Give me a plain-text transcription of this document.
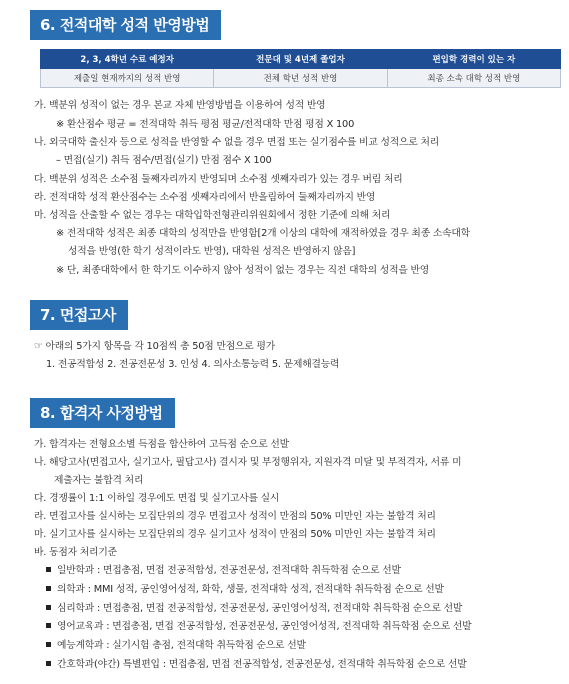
6. 전적대학 성적 반영방법
2, 3, 4학년 수료 예정자	전문대 및 4년제 졸업자	편입학 경력이 있는 자
제출일 현재까지의 성적 반영	전체 학년 성적 반영	최종 소속 대학 성적 반영
가. 백분위 성적이 없는 경우 본교 자체 반영방법을 이용하여 성적 반영
※ 환산점수 평균 = 전적대학 취득 평점 평균/전적대학 만점 평점 X 100
나. 외국대학 출신자 등으로 성적을 반영할 수 없을 경우 면접 또는 실기점수를 비교 성적으로 처리
– 면접(실기) 취득 점수/면접(실기) 만점 점수 X 100
다. 백분위 성적은 소수점 둘째자리까지 반영되며 소수점 셋째자리가 있는 경우 버림 처리
라. 전적대학 성적 환산점수는 소수점 셋째자리에서 반올림하여 둘째자리까지 반영
마. 성적을 산출할 수 없는 경우는 대학입학전형관리위원회에서 정한 기준에 의해 처리
※ 전적대학 성적은 최종 대학의 성적만을 반영함[2개 이상의 대학에 재적하였을 경우 최종 소속대학
성적을 반영(한 학기 성적이라도 반영), 대학원 성적은 반영하지 않음]
※ 단, 최종대학에서 한 학기도 이수하지 않아 성적이 없는 경우는 직전 대학의 성적을 반영
7. 면접고사
☞ 아래의 5가지 항목을 각 10점씩 총 50점 만점으로 평가
1. 전공적합성 2. 전공전문성 3. 인성 4. 의사소통능력 5. 문제해결능력
8. 합격자 사정방법
가. 합격자는 전형요소별 득점을 합산하여 고득점 순으로 선발
나. 해당고사(면접고사, 실기고사, 필답고사) 결시자 및 부정행위자, 지원자격 미달 및 부적격자, 서류 미
제출자는 불합격 처리
다. 경쟁률이 1:1 이하일 경우에도 면접 및 실기고사를 실시
라. 면접고사를 실시하는 모집단위의 경우 면접고사 성적이 만점의 50% 미만인 자는 불합격 처리
마. 실기고사를 실시하는 모집단위의 경우 실기고사 성적이 만점의 50% 미만인 자는 불합격 처리
바. 동점자 처리기준
일반학과 : 면접총점, 면접 전공적합성, 전공전문성, 전적대학 취득학점 순으로 선발
의학과 : MMI 성적, 공인영어성적, 화학, 생물, 전적대학 성적, 전적대학 취득학점 순으로 선발
심리학과 : 면접총점, 면접 전공적합성, 전공전문성, 공인영어성적, 전적대학 취득학점 순으로 선발
영어교육과 : 면접총점, 면접 전공적합성, 전공전문성, 공인영어성적, 전적대학 취득학점 순으로 선발
예능계학과 : 실기시험 총점, 전적대학 취득학점 순으로 선발
간호학과(야간) 특별편입 : 면접총점, 면접 전공적합성, 전공전문성, 전적대학 취득학점 순으로 선발
